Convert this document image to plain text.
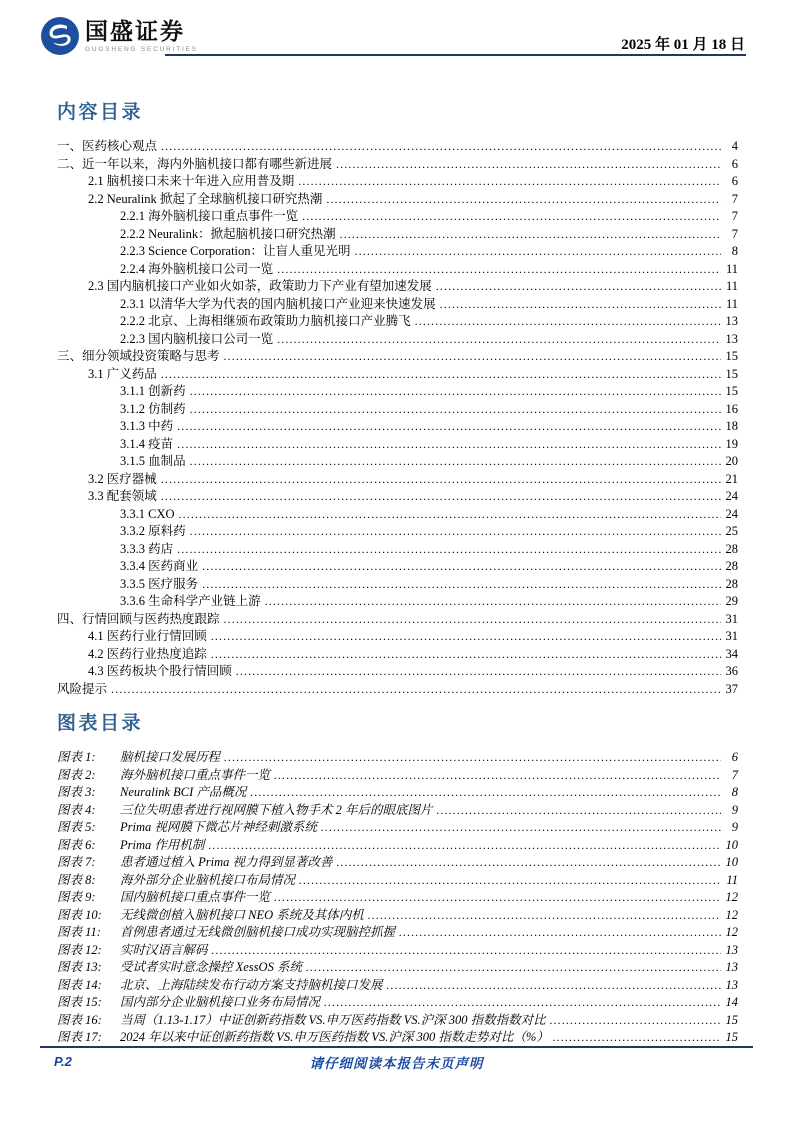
国盛证券
GUOSHENG SECURITIES	2025 年 01 月 18 日
内容目录
一、医药核心观点 .....	4
二、近一年以来，海内外脑机接口都有哪些新进展 .....	6
2.1 脑机接口未来十年进入应用普及期 .....	6
2.2 Neuralink 掀起了全球脑机接口研究热潮 .....	7
2.2.1 海外脑机接口重点事件一览 .....	7
2.2.2 Neuralink：掀起脑机接口研究热潮 .....	7
2.2.3 Science Corporation：让盲人重见光明 .....	8
2.2.4 海外脑机接口公司一览 .....	11
2.3 国内脑机接口产业如火如荼，政策助力下产业有望加速发展 .....	11
2.3.1 以清华大学为代表的国内脑机接口产业迎来快速发展 .....	11
2.2.2 北京、上海相继颁布政策助力脑机接口产业腾飞 .....	13
2.2.3 国内脑机接口公司一览 .....	13
三、细分领域投资策略与思考 .....	15
3.1 广义药品 .....	15
3.1.1 创新药 .....	15
3.1.2 仿制药 .....	16
3.1.3 中药 .....	18
3.1.4 疫苗 .....	19
3.1.5 血制品 .....	20
3.2 医疗器械 .....	21
3.3 配套领域 .....	24
3.3.1 CXO .....	24
3.3.2 原料药 .....	25
3.3.3 药店 .....	28
3.3.4 医药商业 .....	28
3.3.5 医疗服务 .....	28
3.3.6 生命科学产业链上游 .....	29
四、行情回顾与医药热度跟踪 .....	31
4.1 医药行业行情回顾 .....	31
4.2 医药行业热度追踪 .....	34
4.3 医药板块个股行情回顾 .....	36
风险提示 .....	37
图表目录
图表 1:	脑机接口发展历程 .....	6
图表 2:	海外脑机接口重点事件一览 .....	7
图表 3:	Neuralink BCI 产品概况 .....	8
图表 4:	三位失明患者进行视网膜下植入物手术 2 年后的眼底图片 .....	9
图表 5:	Prima 视网膜下微芯片神经刺激系统 .....	9
图表 6:	Prima 作用机制 .....	10
图表 7:	患者通过植入 Prima 视力得到显著改善 .....	10
图表 8:	海外部分企业脑机接口布局情况 .....	11
图表 9:	国内脑机接口重点事件一览 .....	12
图表 10:	无线微创植入脑机接口 NEO 系统及其体内机 .....	12
图表 11:	首例患者通过无线微创脑机接口成功实现脑控抓握 .....	12
图表 12:	实时汉语言解码 .....	13
图表 13:	受试者实时意念操控 XessOS 系统 .....	13
图表 14:	北京、上海陆续发布行动方案支持脑机接口发展 .....	13
图表 15:	国内部分企业脑机接口业务布局情况 .....	14
图表 16:	当周（1.13-1.17）中证创新药指数 VS.申万医药指数 VS.沪深 300 指数指数对比 .....	15
图表 17:	2024 年以来中证创新药指数 VS.申万医药指数 VS.沪深 300 指数走势对比（%） .....	15
P.2	请仔细阅读本报告末页声明
